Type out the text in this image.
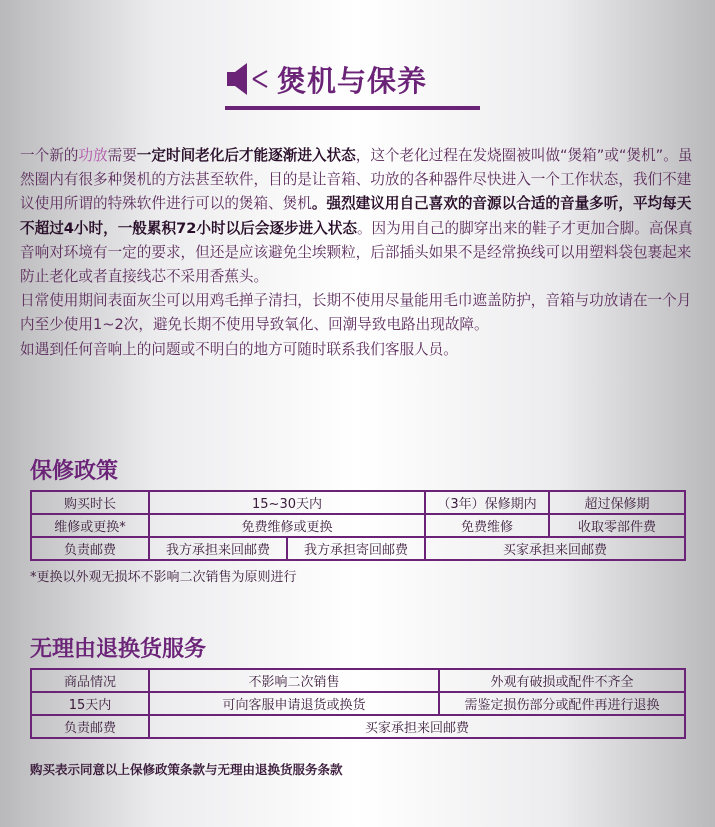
煲机与保养

一个新的功放需要一定时间老化后才能逐渐进入状态，这个老化过程在发烧圈被叫做“煲箱”或“煲机”。虽然圈内有很多种煲机的方法甚至软件，目的是让音箱、功放的各种器件尽快进入一个工作状态，我们不建议使用所谓的特殊软件进行可以的煲箱、煲机。强烈建议用自己喜欢的音源以合适的音量多听，平均每天不超过4小时，一般累积72小时以后会逐步进入状态。因为用自己的脚穿出来的鞋子才更加合脚。高保真音响对环境有一定的要求，但还是应该避免尘埃颗粒，后部插头如果不是经常换线可以用塑料袋包裹起来防止老化或者直接线芯不采用香蕉头。

日常使用期间表面灰尘可以用鸡毛掸子清扫，长期不使用尽量能用毛巾遮盖防护，音箱与功放请在一个月内至少使用1~2次，避免长期不使用导致氧化、回潮导致电路出现故障。

如遇到任何音响上的问题或不明白的地方可随时联系我们客服人员。

保修政策
购买时长	15~30天内		（3年）保修期内	超过保修期
维修或更换*	免费维修或更换		免费维修	收取零部件费
负责邮费	我方承担来回邮费	我方承担寄回邮费	买家承担来回邮费	
*更换以外观无损坏不影响二次销售为原则进行
无理由退换货服务
商品情况	不影响二次销售	外观有破损或配件不齐全
15天内	可向客服申请退货或换货	需鉴定损伤部分或配件再进行退换
负责邮费	买家承担来回邮费	
购买表示同意以上保修政策条款与无理由退换货服务条款
